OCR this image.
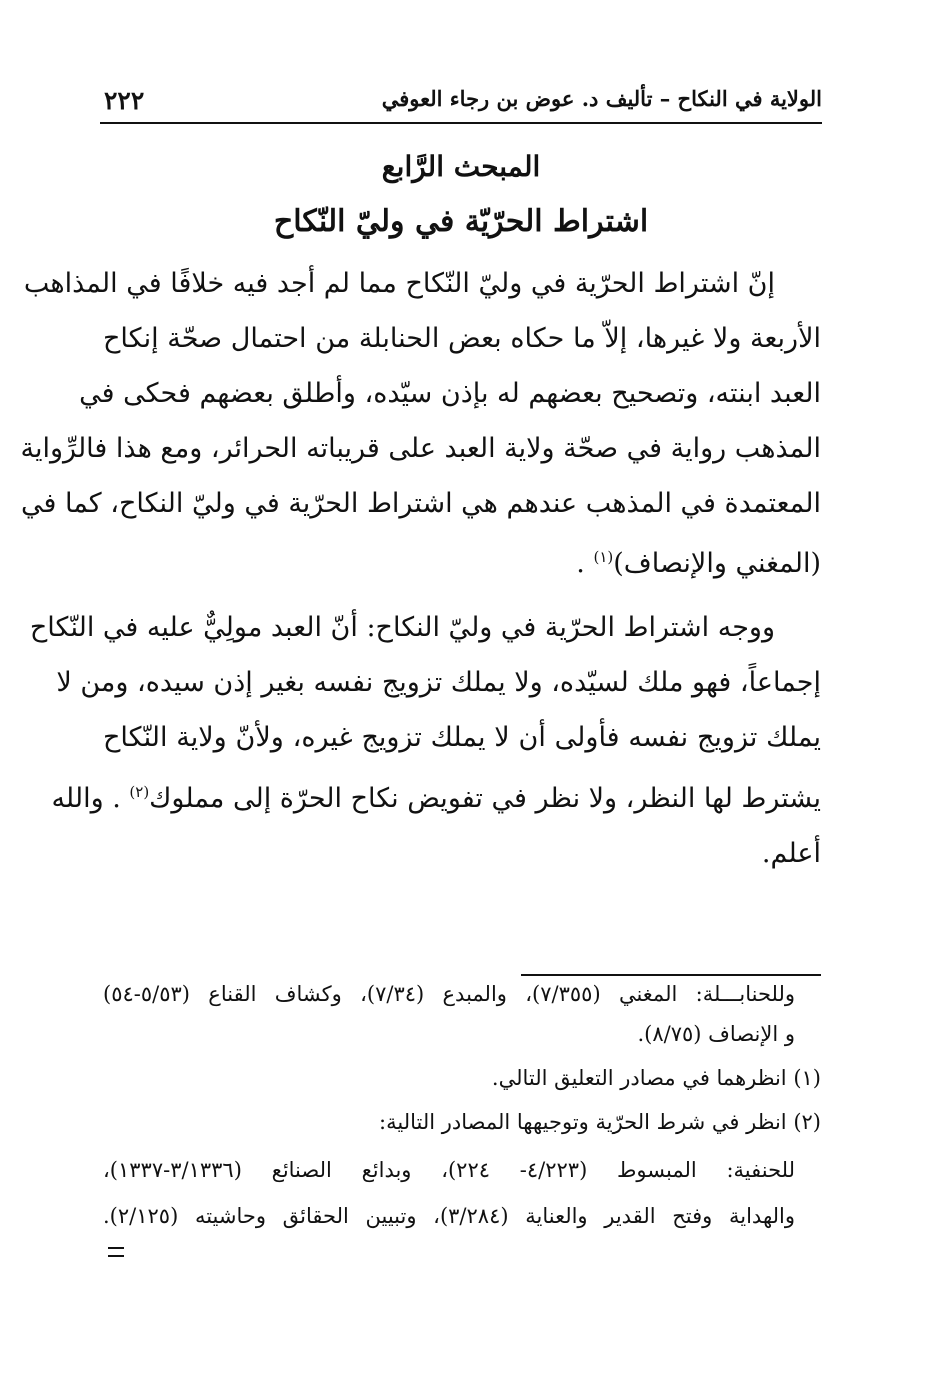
الولاية في النكاح – تأليف د. عوض بن رجاء العوفي
٢٢٢
المبحث الرَّابع
اشتراط الحرّيّة في وليّ النّكاح
إنّ اشتراط الحرّية في وليّ النّكاح مما لم أجد فيه خلافًا في المذاهب
الأربعة ولا غيرها، إلاّ ما حكاه بعض الحنابلة من احتمال صحّة إنكاح
العبد ابنته، وتصحيح بعضهم له بإذن سيّده، وأطلق بعضهم فحكى في
المذهب رواية في صحّة ولاية العبد على قريباته الحرائر، ومع هذا فالرِّواية
المعتمدة في المذهب عندهم هي اشتراط الحرّية في وليّ النكاح، كما في
(المغني والإنصاف)$^{(١)}$ .
ووجه اشتراط الحرّية في وليّ النكاح: أنّ العبد مولِيٌّ عليه في النّكاح
إجماعاً، فهو ملك لسيّده، ولا يملك تزويج نفسه بغير إذن سيده، ومن لا
يملك تزويج نفسه فأولى أن لا يملك تزويج غيره، ولأنّ ولاية النّكاح
يشترط لها النظر، ولا نظر في تفويض نكاح الحرّة إلى مملوك$^{(٢)}$ . والله
أعلم.
وللحنابـــلة: المغني (٧/٣٥٥)، والمبدع (٧/٣٤)، وكشاف القناع (٥/٥٣-٥٤)
و الإنصاف (٨/٧٥).
(١) انظرهما في مصادر التعليق التالي.
(٢) انظر في شرط الحرّية وتوجيهها المصادر التالية:
للحنفية: المبسوط (٤/٢٢٣- ٢٢٤)، وبدائع الصنائع (٣/١٣٣٦-١٣٣٧)،
والهداية وفتح القدير والعناية (٣/٢٨٤)، وتبيين الحقائق وحاشيته (٢/١٢٥).
